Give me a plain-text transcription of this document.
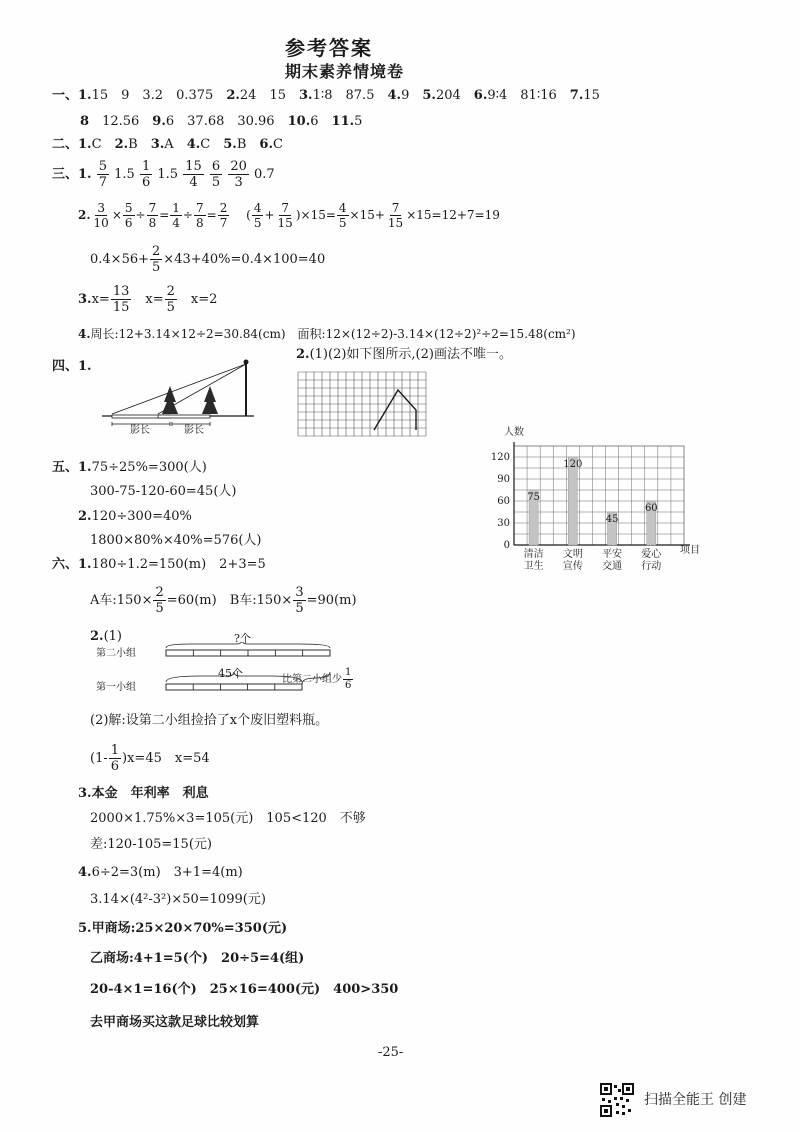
参考答案
期末素养情境卷
一、1.15　9　3.2　0.375　 2.24　15　 3.1∶8　87.5　 4.9　 5.204　 6.9∶4　81∶16　 7.15
8　 12.56　 9.6　37.68　30.96　 10.6　 11.5
二、1.C　 2.B　 3.A　 4.C　 5.B　 6.C
三、1. $\frac{5}{7} 1.5 \frac{1}{6} 1.5 \frac{15}{4}$
$\frac{6}{5}$
$\frac{20}{3} 0.7$
2. $\frac{3}{10} \times \frac{5}{6} \div \frac{7}{8} = \frac{1}{4} \div \frac{7}{8} = \frac{2}{7}$
　 ( $\frac{4}{5} + \frac{7}{15} )\times 15= \frac{4}{5} \times 15+ \frac{7}{15} \times 15=12+7=19$
$0.4\times 56+ \frac{2}{5} \times 43+40\%=0.4\times 100=40$
$3.x= \frac{13}{15}$
　 $x= \frac{2}{5}$
　 x=2
4.周长:12+3.14×12÷2=30.84(cm)　 面积:12×(12÷2)-3.14×(12÷2)²÷2=15.48(cm²)
四、1.
影长	影长
2.(1)(2)如下图所示,(2)画法不唯一。
人数
0
30
60
90
120
75
清洁
卫生
120
文明
宣传
45
平安
交通
60
爱心
行动
项目
五、1.75÷25%=300(人)
300-75-120-60=45(人)
2.120÷300=40%
1800×80%×40%=576(人)
六、1.180÷1.2=150(m)　2+3=5
A车:150× $\frac{2}{5} =60(m)$　 B车:150× $\frac{3}{5} =90(m)$
2.(1)	?个
第二小组
第一小组
45个	比第二小组少 $\frac{1}{6}$
(2)解:设第二小组捡拾了x个废旧塑料瓶。
$(1- \frac{1}{6} )x=45$　x=54
3.本金　年利率　利息
2000×1.75%×3=105(元)　105<120　不够
差:120-105=15(元)
4.6÷2=3(m)　3+1=4(m)
3.14×(4²-3²)×50=1099(元)
5.甲商场:25×20×70%=350(元)
乙商场:4+1=5(个)　20÷5=4(组)
20-4×1=16(个)　25×16=400(元)　400>350
去甲商场买这款足球比较划算
-25-
扫描全能王 创建
